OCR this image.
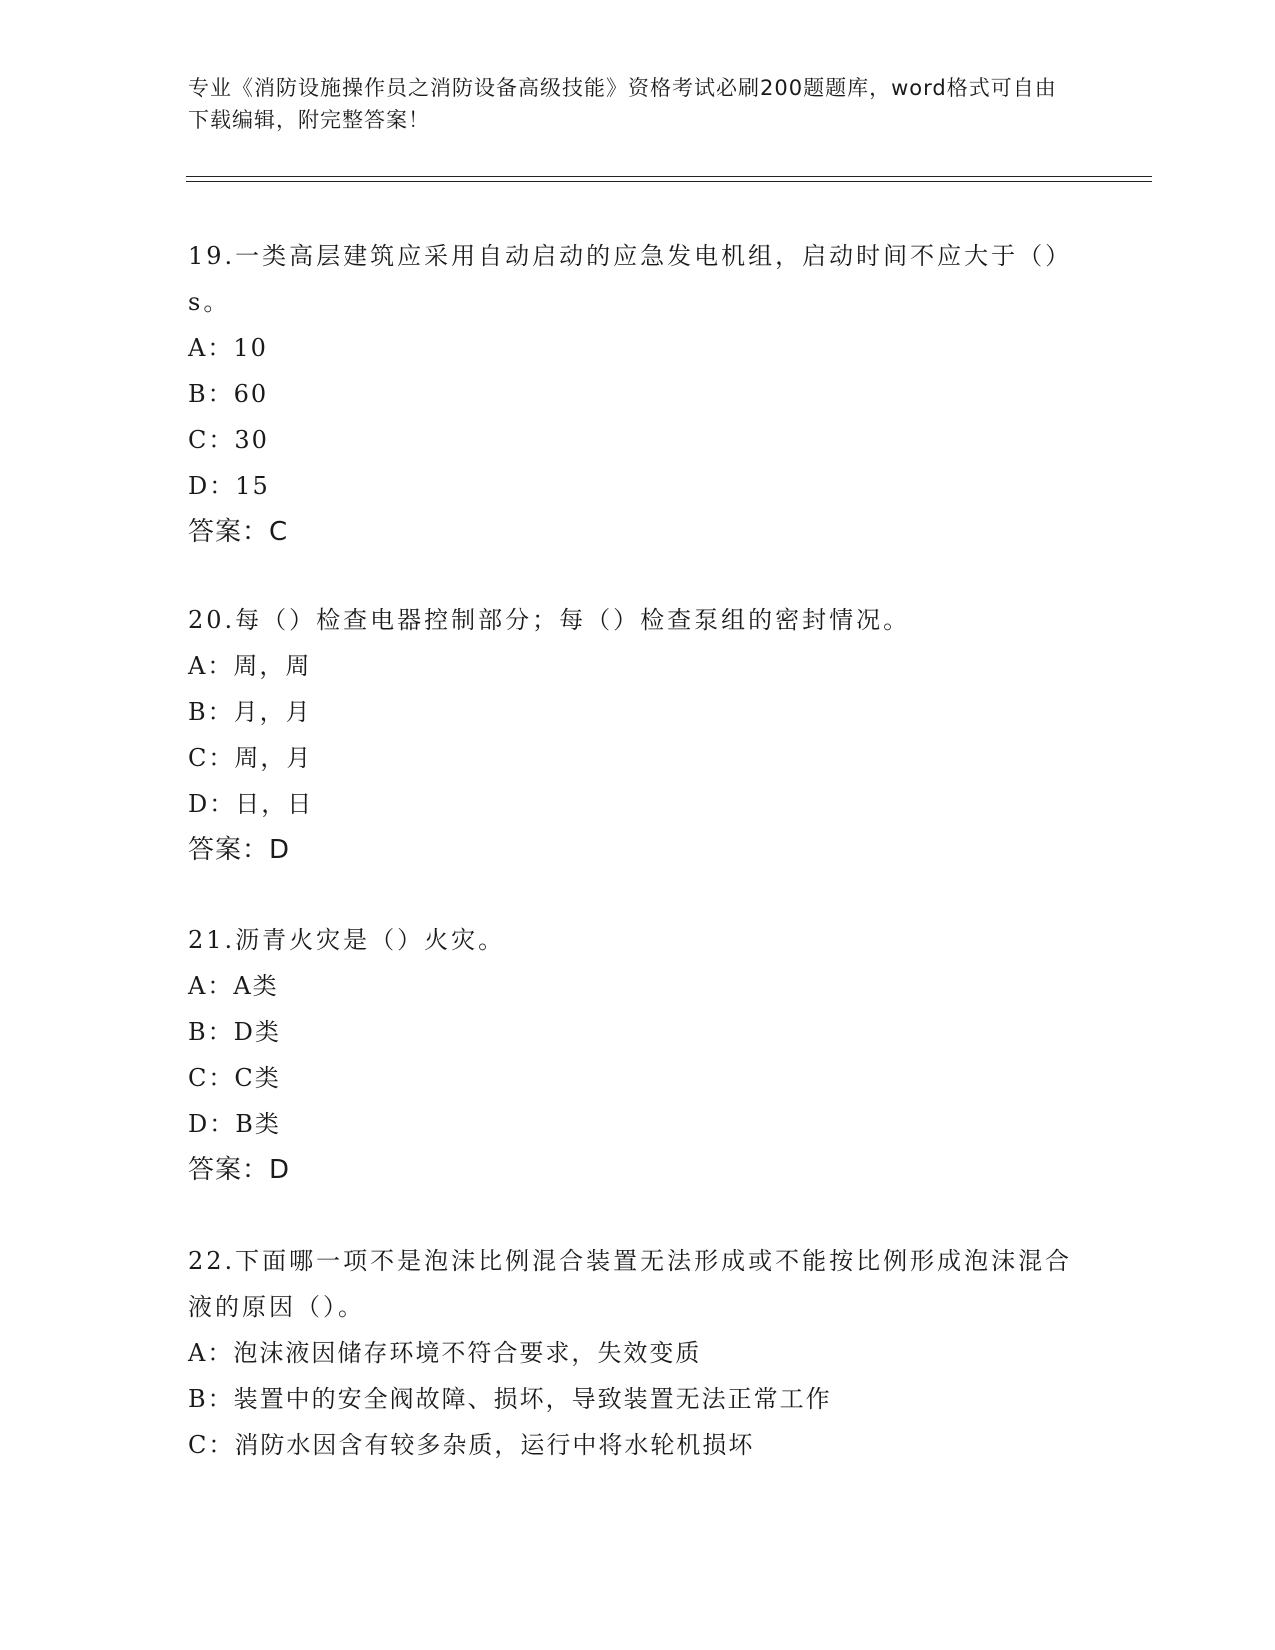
专业《消防设施操作员之消防设备高级技能》资格考试必刷200题题库，word格式可自由下载编辑，附完整答案！

19.一类高层建筑应采用自动启动的应急发电机组，启动时间不应大于（）s。

A：10
B：60
C：30
D：15
答案：C

20.每（）检查电器控制部分；每（）检查泵组的密封情况。

A：周，周
B：月，月
C：周，月
D：日，日
答案：D

21.沥青火灾是（）火灾。

A：A类
B：D类
C：C类
D：B类
答案：D

22.下面哪一项不是泡沫比例混合装置无法形成或不能按比例形成泡沫混合液的原因（）。

A：泡沫液因储存环境不符合要求，失效变质
B：装置中的安全阀故障、损坏，导致装置无法正常工作
C：消防水因含有较多杂质，运行中将水轮机损坏
